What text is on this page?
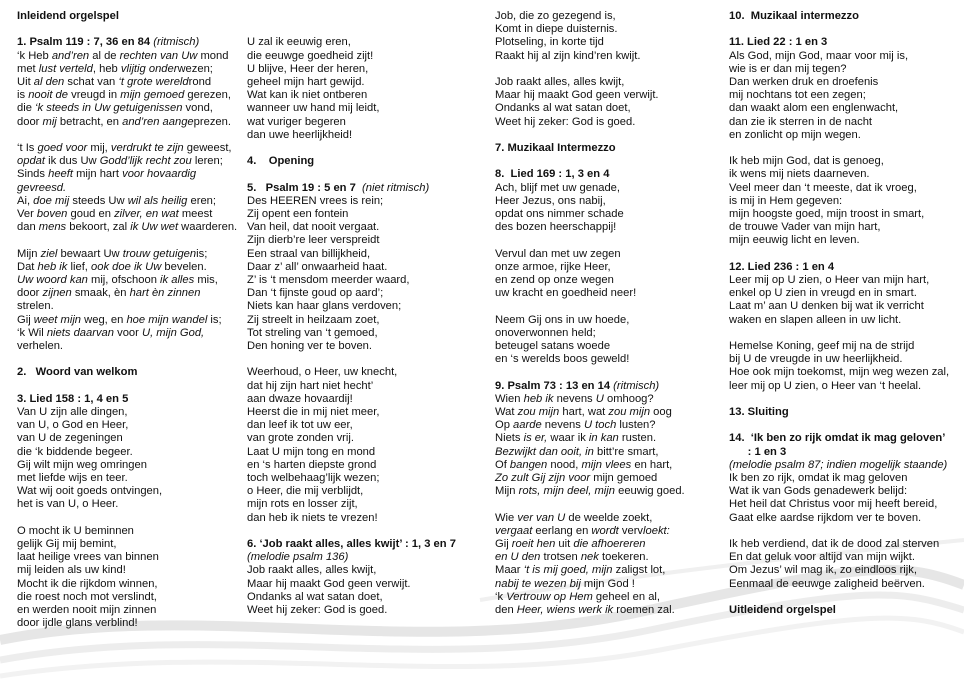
Inleidend orgelspel
1. Psalm 119 : 7, 36 en 84 (ritmisch)
‘k Heb and’ren al de rechten van Uw mond
met lust verteld, heb vlijtig onderwezen;
Uit al den schat van ‘t grote wereldrond
is nooit de vreugd in mijn gemoed gerezen,
die ‘k steeds in Uw getuigenissen vond,
door mij betracht, en and’ren aangeprezen.
‘t Is goed voor mij, verdrukt te zijn geweest,
opdat ik dus Uw Godd’lijk recht zou leren;
Sinds heeft mijn hart voor hovaardig
gevreesd.
Ai, doe mij steeds Uw wil als heilig eren;
Ver boven goud en zilver, en wat meest
dan mens bekoort, zal ik Uw wet waarderen.
Mijn ziel bewaart Uw trouw getuigenis;
Dat heb ik lief, ook doe ik Uw bevelen.
Uw woord kan mij, ofschoon ik alles mis,
door zijnen smaak, èn hart èn zinnen
strelen.
Gij weet mijn weg, en hoe mijn wandel is;
‘k Wil niets daarvan voor U, mijn God,
verhelen.
2.   Woord van welkom
3. Lied 158 : 1, 4 en 5
Van U zijn alle dingen,
van U, o God en Heer,
van U de zegeningen
die ‘k biddende begeer.
Gij wilt mijn weg omringen
met liefde wijs en teer.
Wat wij ooit goeds ontvingen,
het is van U, o Heer.
O mocht ik U beminnen
gelijk Gij mij bemint,
laat heilige vrees van binnen
mij leiden als uw kind!
Mocht ik die rijkdom winnen,
die roest noch mot verslindt,
en werden nooit mijn zinnen
door ijdle glans verblind!
U zal ik eeuwig eren,
die eeuwge goedheid zijt!
U blijve, Heer der heren,
geheel mijn hart gewijd.
Wat kan ik niet ontberen
wanneer uw hand mij leidt,
wat vuriger begeren
dan uwe heerlijkheid!
4.    Opening
5.   Psalm 19 : 5 en 7  (niet ritmisch)
Des HEEREN vrees is rein;
Zij opent een fontein
Van heil, dat nooit vergaat.
Zijn dierb’re leer verspreidt
Een straal van billijkheid,
Daar z’ all’ onwaarheid haat.
Z’ is ‘t mensdom meerder waard,
Dan ‘t fijnste goud op aard’;
Niets kan haar glans verdoven;
Zij streelt in heilzaam zoet,
Tot streling van ‘t gemoed,
Den honing ver te boven.
Weerhoud, o Heer, uw knecht,
dat hij zijn hart niet hecht’
aan dwaze hovaardij!
Heerst die in mij niet meer,
dan leef ik tot uw eer,
van grote zonden vrij.
Laat U mijn tong en mond
en ‘s harten diepste grond
toch welbehaag’lijk wezen;
o Heer, die mij verblijdt,
mijn rots en losser zijt,
dan heb ik niets te vrezen!
6. ‘Job raakt alles, alles kwijt’ : 1, 3 en 7
(melodie psalm 136)
Job raakt alles, alles kwijt,
Maar hij maakt God geen verwijt.
Ondanks al wat satan doet,
Weet hij zeker: God is goed.
Job, die zo gezegend is,
Komt in diepe duisternis.
Plotseling, in korte tijd
Raakt hij al zijn kind’ren kwijt.
Job raakt alles, alles kwijt,
Maar hij maakt God geen verwijt.
Ondanks al wat satan doet,
Weet hij zeker: God is goed.
7. Muzikaal Intermezzo
8.  Lied 169 : 1, 3 en 4
Ach, blijf met uw genade,
Heer Jezus, ons nabij,
opdat ons nimmer schade
des bozen heerschappij!
Vervul dan met uw zegen
onze armoe, rijke Heer,
en zend op onze wegen
uw kracht en goedheid neer!
Neem Gij ons in uw hoede,
onoverwonnen held;
beteugel satans woede
en ‘s werelds boos geweld!
9. Psalm 73 : 13 en 14 (ritmisch)
Wien heb ik nevens U omhoog?
Wat zou mijn hart, wat zou mijn oog
Op aarde nevens U toch lusten?
Niets is er, waar ik in kan rusten.
Bezwijkt dan ooit, in bitt’re smart,
Of bangen nood, mijn vlees en hart,
Zo zult Gij zijn voor mijn gemoed
Mijn rots, mijn deel, mijn eeuwig goed.
Wie ver van U de weelde zoekt,
vergaat eerlang en wordt vervloekt:
Gij roeit hen uit die afhoereren
en U den trotsen nek toekeren.
Maar ‘t is mij goed, mijn zaligst lot,
nabij te wezen bij mijn God !
‘k Vertrouw op Hem geheel en al,
den Heer, wiens werk ik roemen zal.
10.  Muzikaal intermezzo
11. Lied 22 : 1 en 3
Als God, mijn God, maar voor mij is,
wie is er dan mij tegen?
Dan werken druk en droefenis
mij nochtans tot een zegen;
dan waakt alom een englenwacht,
dan zie ik sterren in de nacht
en zonlicht op mijn wegen.
Ik heb mijn God, dat is genoeg,
ik wens mij niets daarneven.
Veel meer dan ‘t meeste, dat ik vroeg,
is mij in Hem gegeven:
mijn hoogste goed, mijn troost in smart,
de trouwe Vader van mijn hart,
mijn eeuwig licht en leven.
12. Lied 236 : 1 en 4
Leer mij op U zien, o Heer van mijn hart,
enkel op U zien in vreugd en in smart.
Laat m’ aan U denken bij wat ik verricht
waken en slapen alleen in uw licht.
Hemelse Koning, geef mij na de strijd
bij U de vreugde in uw heerlijkheid.
Hoe ook mijn toekomst, mijn weg wezen zal,
leer mij op U zien, o Heer van ‘t heelal.
13. Sluiting
14.  ‘Ik ben zo rijk omdat ik mag geloven’
: 1 en 3
(melodie psalm 87; indien mogelijk staande)
Ik ben zo rijk, omdat ik mag geloven
Wat ik van Gods genadewerk belijd:
Het heil dat Christus voor mij heeft bereid,
Gaat elke aardse rijkdom ver te boven.
Ik heb verdiend, dat ik de dood zal sterven
En dat geluk voor altijd van mijn wijkt.
Om Jezus’ wil mag ik, zo eindloos rijk,
Eenmaal de eeuwge zaligheid beërven.
Uitleidend orgelspel
